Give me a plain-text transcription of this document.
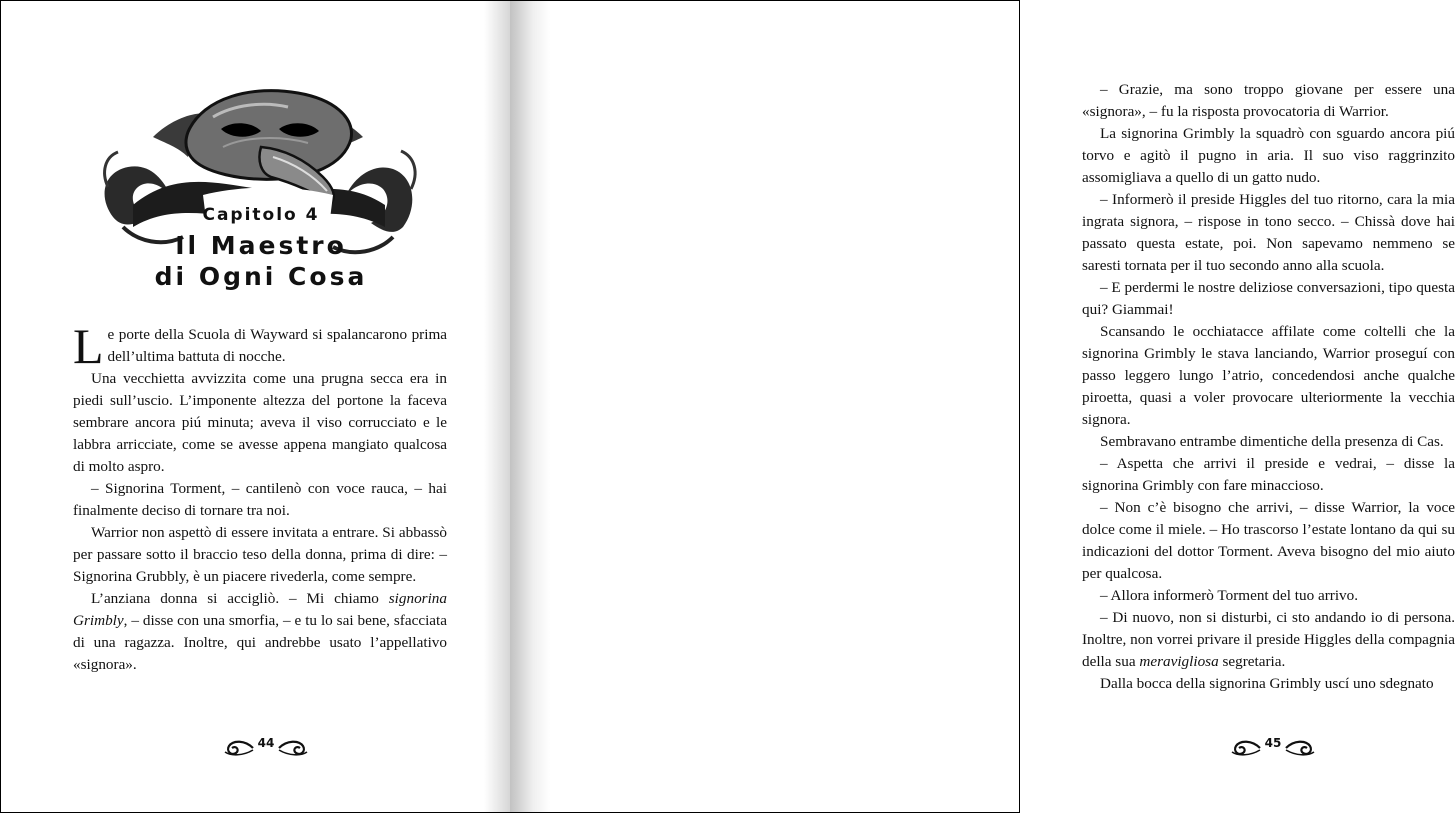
Capitolo 4
Il Maestro
di Ogni Cosa

Le porte della Scuola di Wayward si spalancarono prima dell’ultima battuta di nocche.

Una vecchietta avvizzita come una prugna secca era in piedi sull’uscio. L’imponente altezza del portone la faceva sembrare ancora piú minuta; aveva il viso corrucciato e le labbra arricciate, come se avesse appena mangiato qualcosa di molto aspro.

– Signorina Torment, – cantilenò con voce rauca, – hai finalmente deciso di tornare tra noi.

Warrior non aspettò di essere invitata a entrare. Si abbassò per passare sotto il braccio teso della donna, prima di dire: – Signorina Grubbly, è un piacere rivederla, come sempre.

L’anziana donna si accigliò. – Mi chiamo signorina Grimbly, – disse con una smorfia, – e tu lo sai bene, sfacciata di una ragazza. Inoltre, qui andrebbe usato l’appellativo «signora».

44

– Grazie, ma sono troppo giovane per essere una «signora», – fu la risposta provocatoria di Warrior.

La signorina Grimbly la squadrò con sguardo ancora piú torvo e agitò il pugno in aria. Il suo viso raggrinzito assomigliava a quello di un gatto nudo.

– Informerò il preside Higgles del tuo ritorno, cara la mia ingrata signora, – rispose in tono secco. – Chissà dove hai passato questa estate, poi. Non sapevamo nemmeno se saresti tornata per il tuo secondo anno alla scuola.

– E perdermi le nostre deliziose conversazioni, tipo questa qui? Giammai!

Scansando le occhiatacce affilate come coltelli che la signorina Grimbly le stava lanciando, Warrior proseguí con passo leggero lungo l’atrio, concedendosi anche qualche piroetta, quasi a voler provocare ulteriormente la vecchia signora.

Sembravano entrambe dimentiche della presenza di Cas.

– Aspetta che arrivi il preside e vedrai, – disse la signorina Grimbly con fare minaccioso.

– Non c’è bisogno che arrivi, – disse Warrior, la voce dolce come il miele. – Ho trascorso l’estate lontano da qui su indicazioni del dottor Torment. Aveva bisogno del mio aiuto per qualcosa.

– Allora informerò Torment del tuo arrivo.

– Di nuovo, non si disturbi, ci sto andando io di persona. Inoltre, non vorrei privare il preside Higgles della compagnia della sua meravigliosa segretaria.

Dalla bocca della signorina Grimbly uscí uno sdegnato

45
